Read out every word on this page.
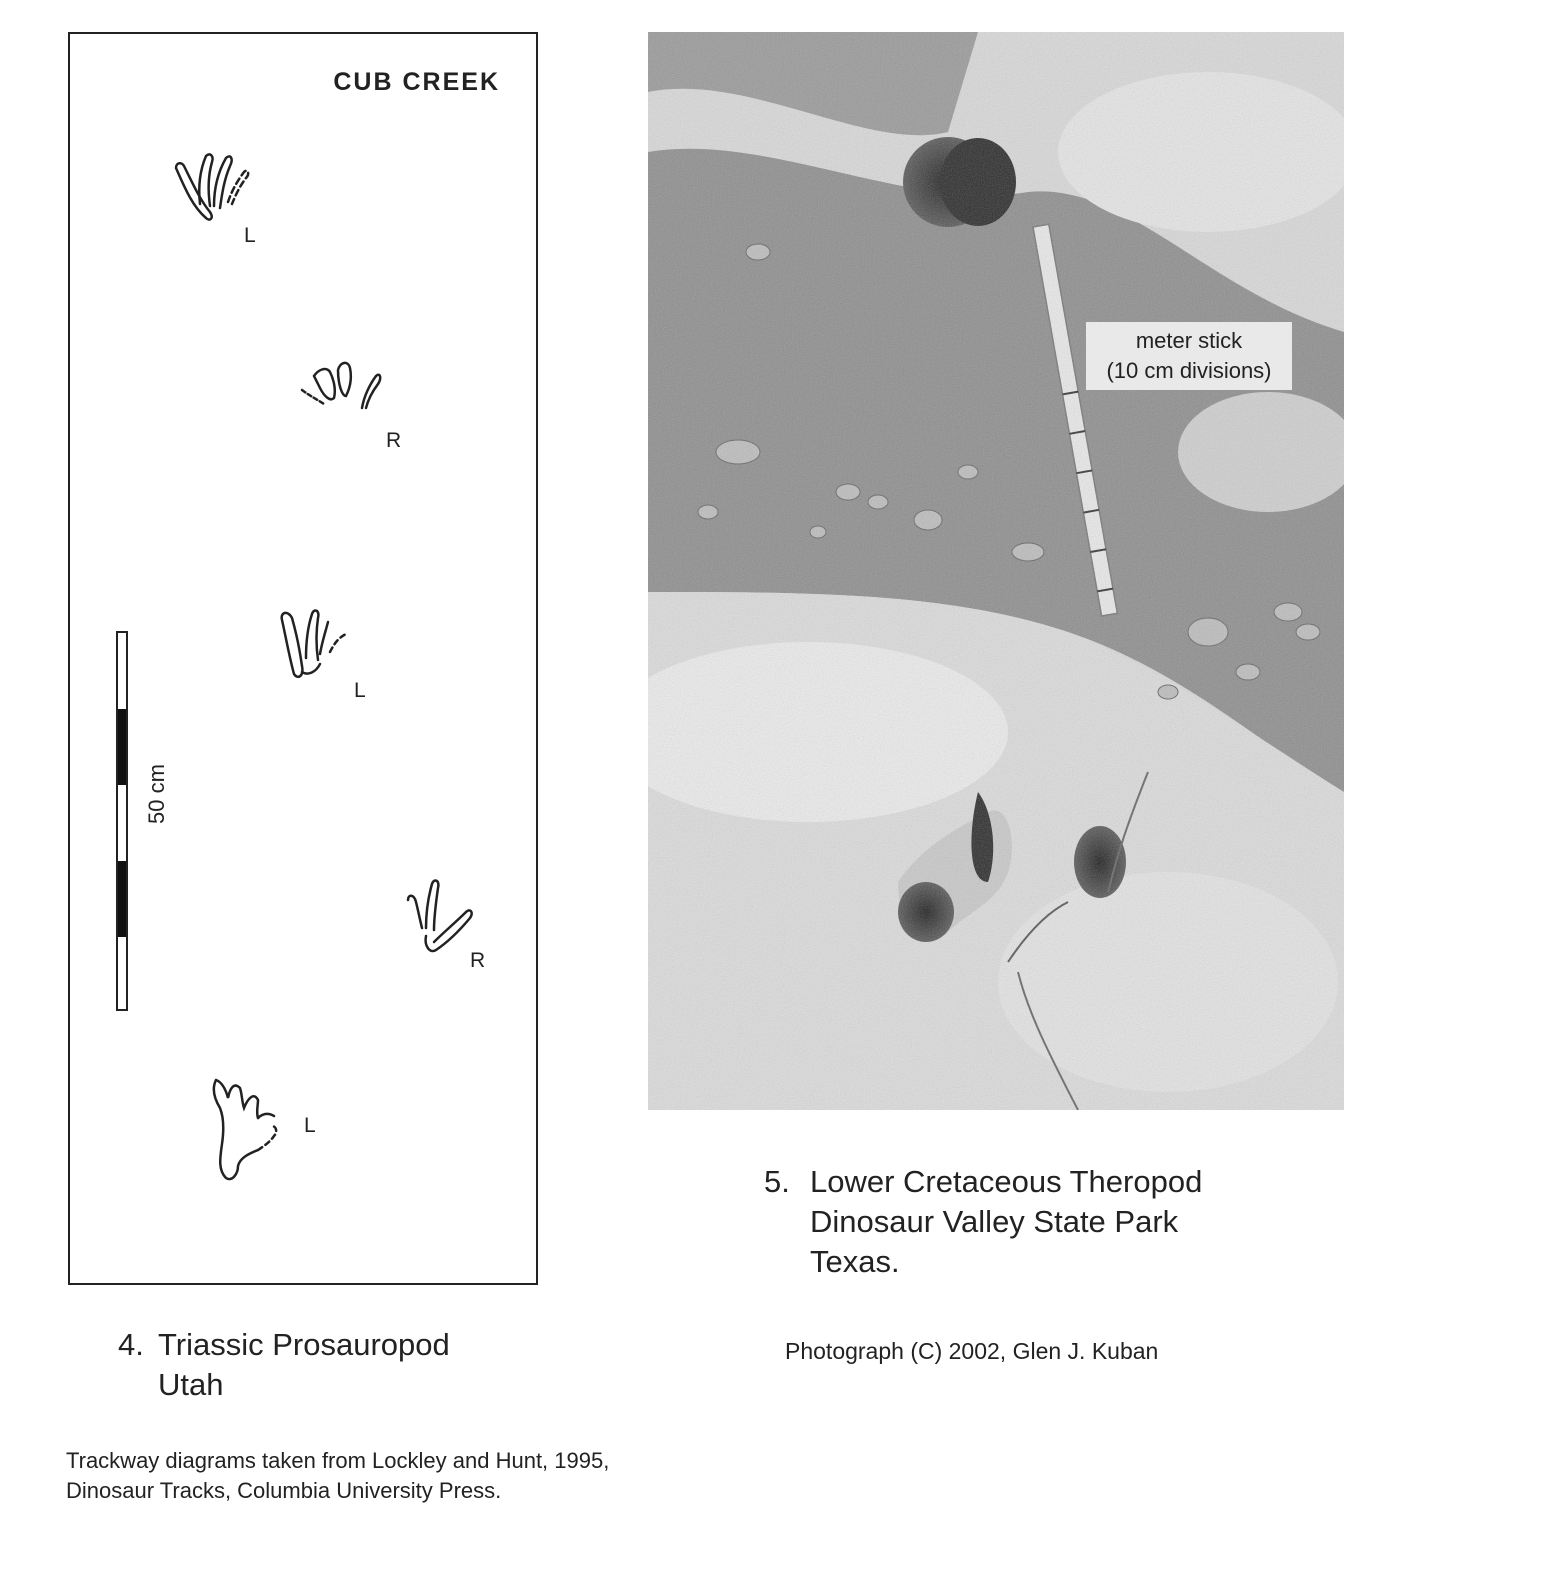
CUB CREEK
L
R
50 cm
L
R
L
meter stick
(10 cm divisions)
5. Lower Cretaceous Theropod
Dinosaur Valley State Park
Texas.
4. Triassic Prosauropod
Utah
Photograph (C) 2002, Glen J. Kuban
Trackway diagrams taken from Lockley and Hunt, 1995,
Dinosaur Tracks, Columbia University Press.
